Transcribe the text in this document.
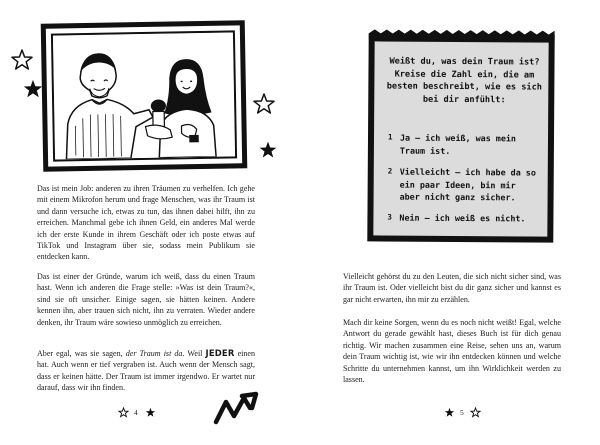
Das ist mein Job: anderen zu ihren Träumen zu verhelfen. Ich gehe mit einem Mikrofon herum und frage Menschen, was ihr Traum ist und dann versuche ich, etwas zu tun, das ihnen dabei hilft, ihn zu erreichen. Manchmal gebe ich ihnen Geld, ein anderes Mal werde ich der erste Kunde in ihrem Geschäft oder ich poste etwas auf TikTok und Instagram über sie, sodass mein Publikum sie entdecken kann.

Das ist einer der Gründe, warum ich weiß, dass du einen Traum hast. Wenn ich anderen die Frage stelle: »Was ist dein Traum?«, sind sie oft unsicher. Einige sagen, sie hätten keinen. Andere kennen ihn, aber trauen sich nicht, ihn zu verraten. Wieder andere denken, ihr Traum wäre sowieso unmöglich zu erreichen.

Aber egal, was sie sagen, der Traum ist da. Weil JEDER einen hat. Auch wenn er tief vergraben ist. Auch wenn der Mensch sagt, dass er keinen hätte. Der Traum ist immer irgendwo. Er wartet nur darauf, dass wir ihn finden.

4

Weißt du, was dein Traum ist? Kreise die Zahl ein, die am besten beschreibt, wie es sich bei dir anfühlt:

1 Ja – ich weiß, was mein Traum ist.
2 Vielleicht – ich habe da so ein paar Ideen, bin mir aber nicht ganz sicher.
3 Nein – ich weiß es nicht.

Vielleicht gehörst du zu den Leuten, die sich nicht sicher sind, was ihr Traum ist. Oder vielleicht bist du dir ganz sicher und kannst es gar nicht erwarten, ihn mir zu erzählen.

Mach dir keine Sorgen, wenn du es noch nicht weißt! Egal, welche Antwort du gerade gewählt hast, dieses Buch ist für dich genau richtig. Wir machen zusammen eine Reise, sehen uns an, warum dein Traum wichtig ist, wie wir ihn entdecken können und welche Schritte du unternehmen kannst, um ihn Wirklichkeit werden zu lassen.

5
